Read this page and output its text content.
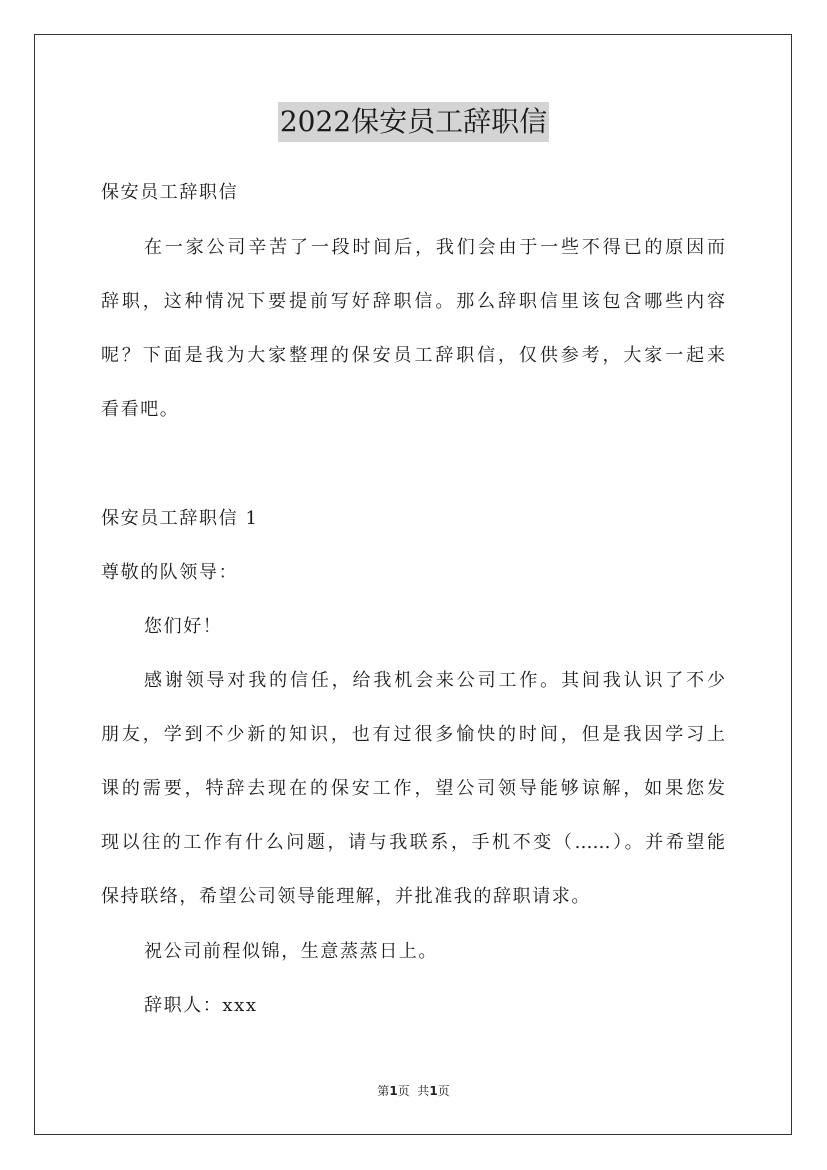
2022保安员工辞职信
保安员工辞职信
在一家公司辛苦了一段时间后，我们会由于一些不得已的原因而
辞职，这种情况下要提前写好辞职信。那么辞职信里该包含哪些内容
呢？下面是我为大家整理的保安员工辞职信，仅供参考，大家一起来
看看吧。
保安员工辞职信 1
尊敬的队领导：
您们好！
感谢领导对我的信任，给我机会来公司工作。其间我认识了不少
朋友，学到不少新的知识，也有过很多愉快的时间，但是我因学习上
课的需要，特辞去现在的保安工作，望公司领导能够谅解，如果您发
现以往的工作有什么问题，请与我联系，手机不变（……）。并希望能
保持联络，希望公司领导能理解，并批准我的辞职请求。
祝公司前程似锦，生意蒸蒸日上。
辞职人：xxx
第1页  共1页
